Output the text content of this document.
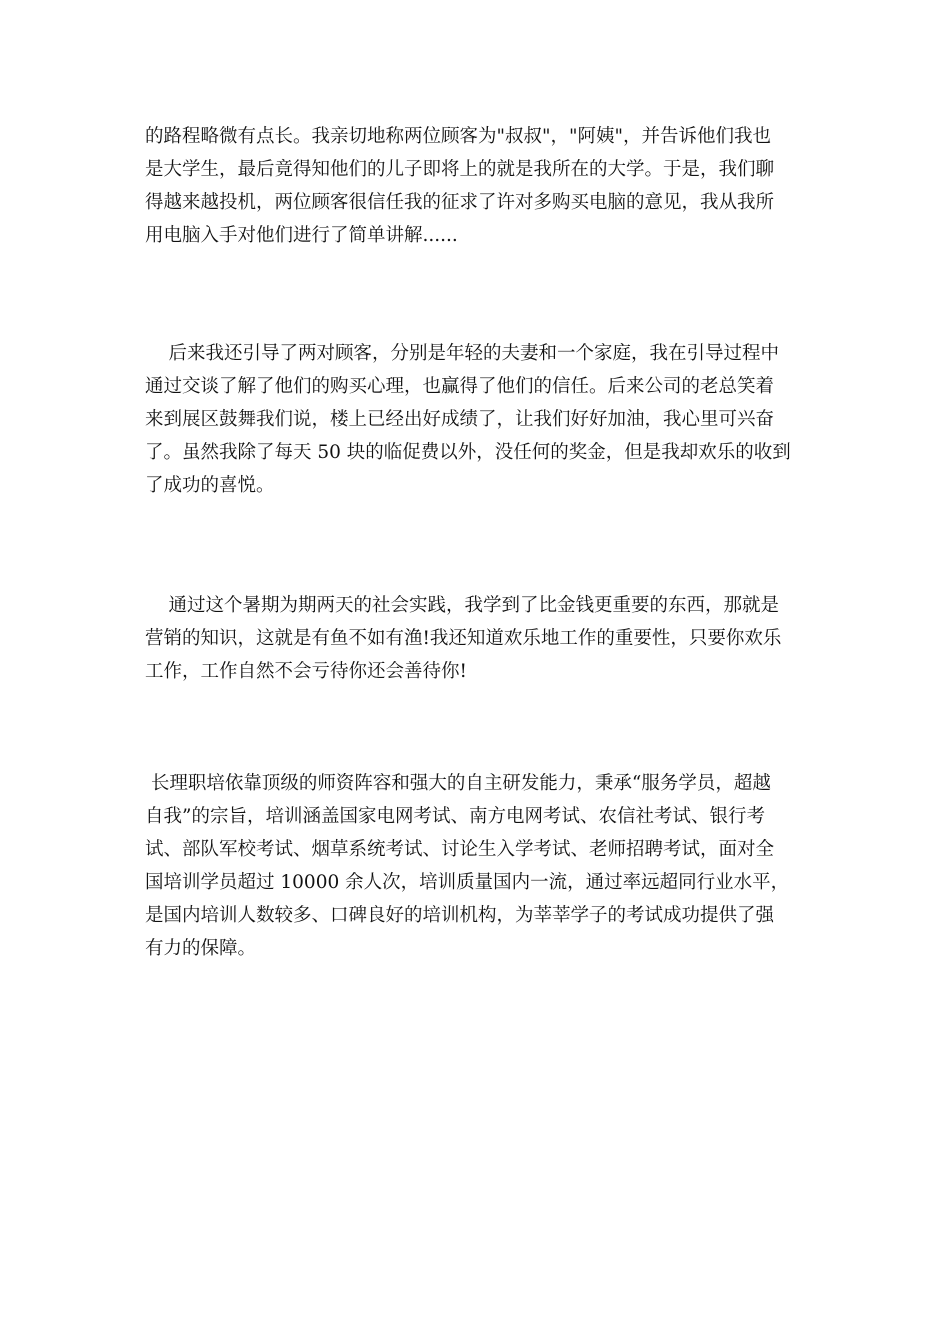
的路程略微有点长。我亲切地称两位顾客为"叔叔"，"阿姨"，并告诉他们我也
是大学生，最后竟得知他们的儿子即将上的就是我所在的大学。于是，我们聊
得越来越投机，两位顾客很信任我的征求了许对多购买电脑的意见，我从我所
用电脑入手对他们进行了简单讲解......
后来我还引导了两对顾客，分别是年轻的夫妻和一个家庭，我在引导过程中
通过交谈了解了他们的购买心理，也赢得了他们的信任。后来公司的老总笑着
来到展区鼓舞我们说，楼上已经出好成绩了，让我们好好加油，我心里可兴奋
了。虽然我除了每天 50 块的临促费以外，没任何的奖金，但是我却欢乐的收到
了成功的喜悦。
通过这个暑期为期两天的社会实践，我学到了比金钱更重要的东西，那就是
营销的知识，这就是有鱼不如有渔!我还知道欢乐地工作的重要性，只要你欢乐
工作，工作自然不会亏待你还会善待你!
长理职培依靠顶级的师资阵容和强大的自主研发能力，秉承“服务学员，超越
自我”的宗旨，培训涵盖国家电网考试、南方电网考试、农信社考试、银行考
试、部队军校考试、烟草系统考试、讨论生入学考试、老师招聘考试，面对全
国培训学员超过 10000 余人次，培训质量国内一流，通过率远超同行业水平，
是国内培训人数较多、口碑良好的培训机构，为莘莘学子的考试成功提供了强
有力的保障。
